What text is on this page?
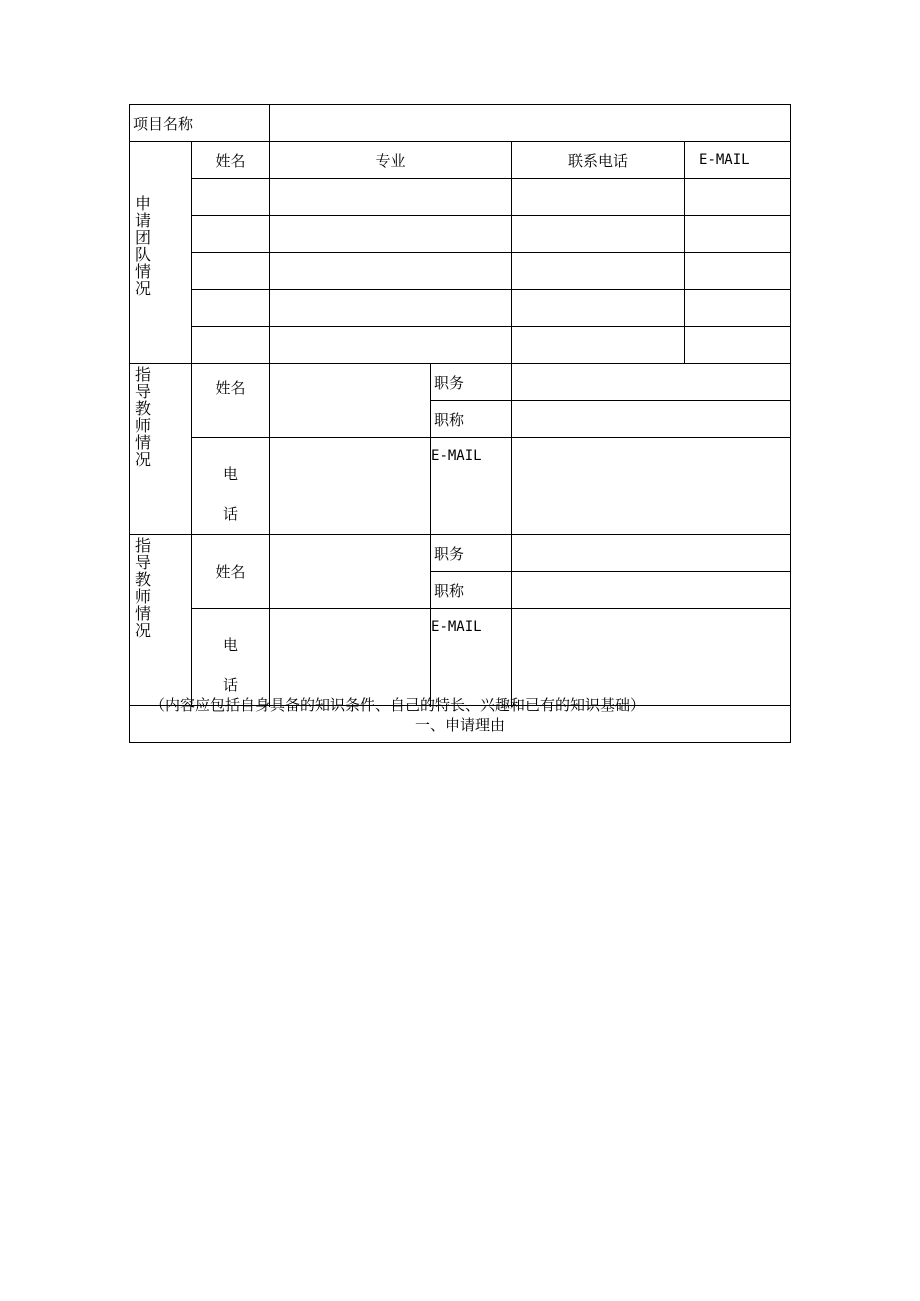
项目名称					

申请团队情况	姓名	专业		联系电话	E-MAIL

指导教师情况	姓名		职务		
			职称		

	电话		E-MAIL		

指导教师情况	姓名		职务		
			职称		

	电话		E-MAIL		

一、申请理由					
（内容应包括自身具备的知识条件、自己的特长、兴趣和已有的知识基础）
